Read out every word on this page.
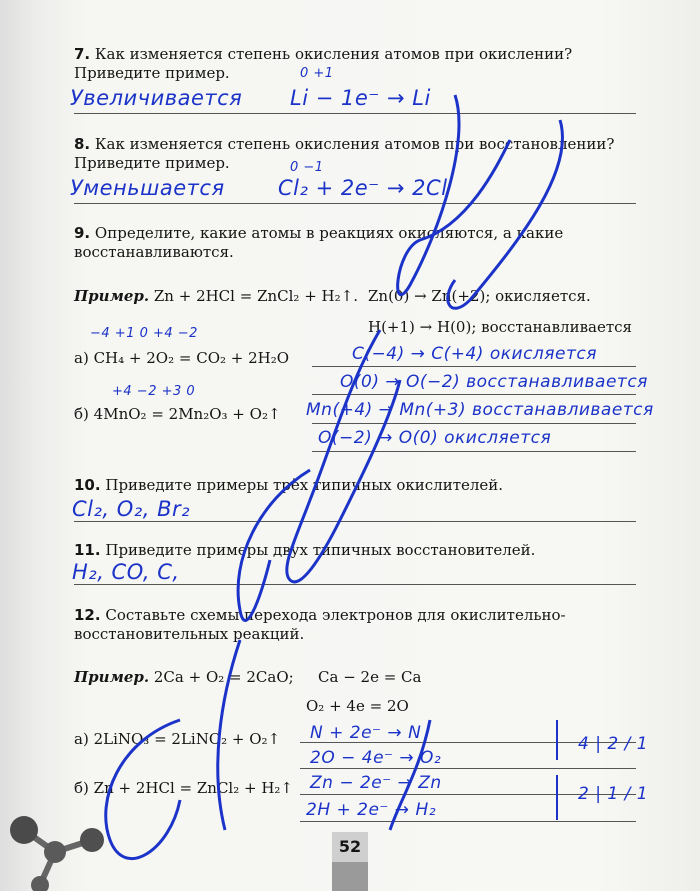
7. Как изменяется степень окисления атомов при окислении? Приведите пример.
Увеличивается Li − 1e⁻ → Li
0 +1
8. Как изменяется степень окисления атомов при восстановлении? Приведите пример.
Уменьшается	Cl₂ + 2e⁻ → 2Cl
0 −1
9. Определите, какие атомы в реакциях окисляются, а какие восстанавливаются.
Пример. Zn + 2HCl = ZnCl₂ + H₂↑. Zn(0) → Zn(+2); окисляется.
H(+1) → H(0); восстанавливается
а) CH₄ + 2O₂ = CO₂ + 2H₂O
−4 +1 0 +4 −2
C(−4) → C(+4) окисляется
O(0) → O(−2) восстанавливается
б) 4MnO₂ = 2Mn₂O₃ + O₂↑
+4 −2 +3 0
Mn(+4) → Mn(+3) восстанавливается
O(−2) → O(0) окисляется
10. Приведите примеры трёх типичных окислителей.
Cl₂, O₂, Br₂
11. Приведите примеры двух типичных восстановителей.
H₂, CO, C,
12. Составьте схемы перехода электронов для окислительно-восстановительных реакций.
Пример. 2Ca + O₂ = 2CaO; Ca − 2e = Ca
O₂ + 4e = 2O
а) 2LiNO₃ = 2LiNO₂ + O₂↑ N + 2e⁻ → N
2O − 4e⁻ → O₂
4 | 2 / 1
б) Zn + 2HCl = ZnCl₂ + H₂↑ Zn − 2e⁻ → Zn
2H + 2e⁻ → H₂
2 | 1 / 1
52
